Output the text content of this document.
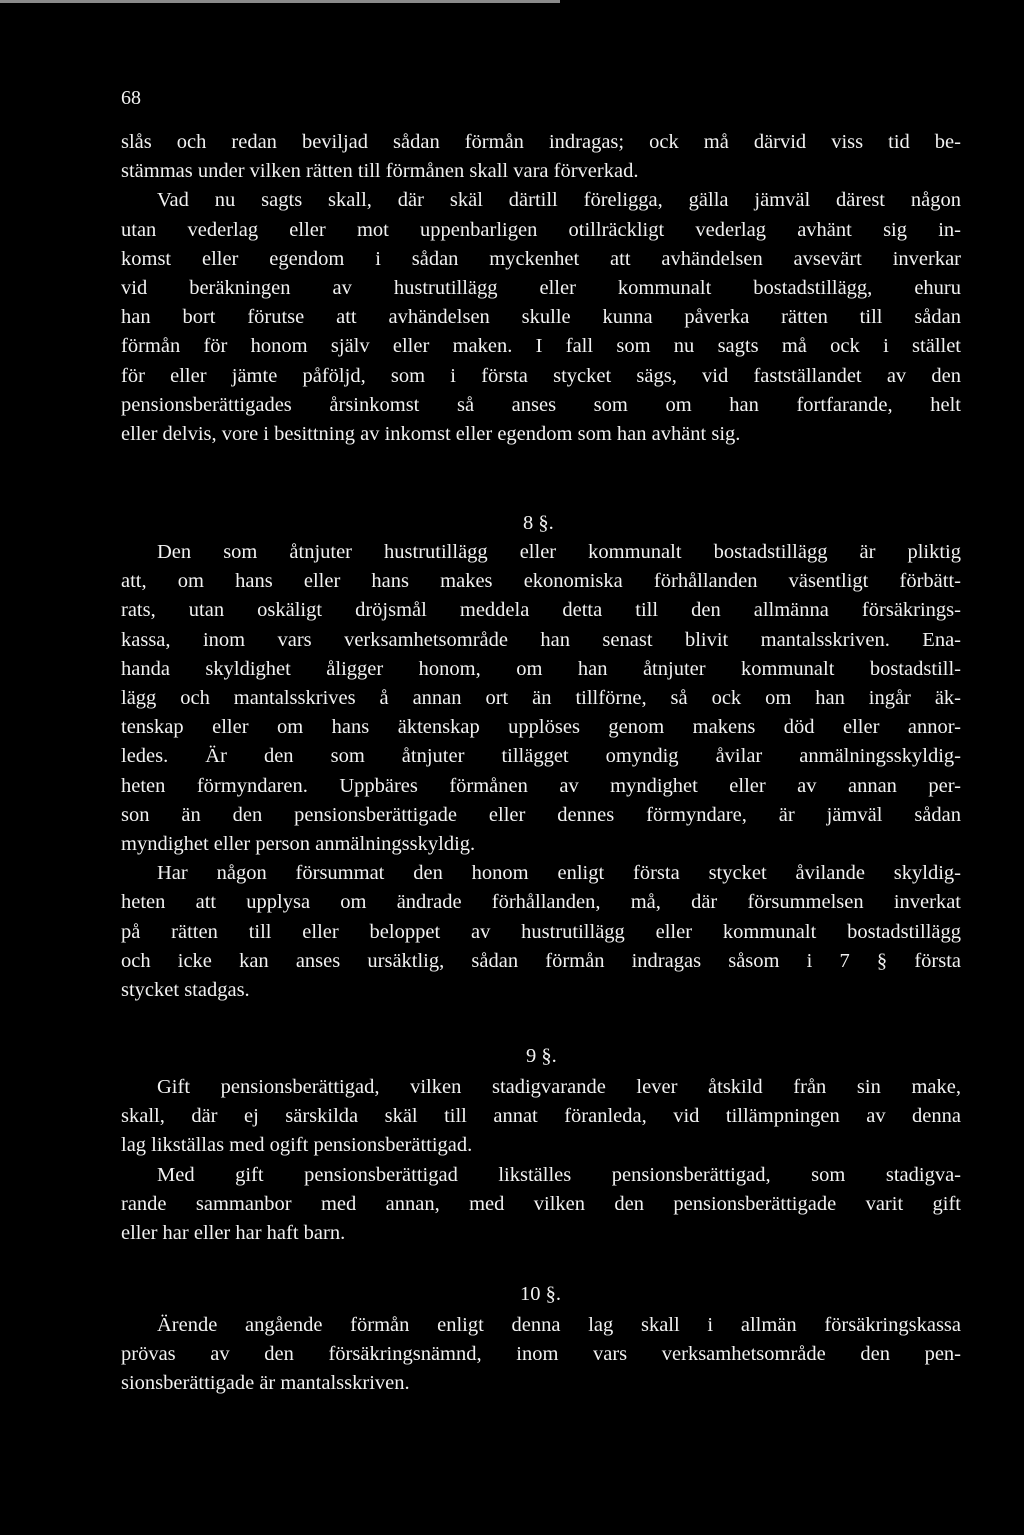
68
slås och redan beviljad sådan förmån indragas; ock må därvid viss tid be-
stämmas under vilken rätten till förmånen skall vara förverkad.
Vad nu sagts skall, där skäl därtill föreligga, gälla jämväl därest någon
utan vederlag eller mot uppenbarligen otillräckligt vederlag avhänt sig in-
komst eller egendom i sådan myckenhet att avhändelsen avsevärt inverkar
vid beräkningen av hustrutillägg eller kommunalt bostadstillägg, ehuru
han bort förutse att avhändelsen skulle kunna påverka rätten till sådan
förmån för honom själv eller maken. I fall som nu sagts må ock i stället
för eller jämte påföljd, som i första stycket sägs, vid fastställandet av den
pensionsberättigades årsinkomst så anses som om han fortfarande, helt
eller delvis, vore i besittning av inkomst eller egendom som han avhänt sig.
8 §.
Den som åtnjuter hustrutillägg eller kommunalt bostadstillägg är pliktig
att, om hans eller hans makes ekonomiska förhållanden väsentligt förbätt-
rats, utan oskäligt dröjsmål meddela detta till den allmänna försäkrings-
kassa, inom vars verksamhetsområde han senast blivit mantalsskriven. Ena-
handa skyldighet åligger honom, om han åtnjuter kommunalt bostadstill-
lägg och mantalsskrives å annan ort än tillförne, så ock om han ingår äk-
tenskap eller om hans äktenskap upplöses genom makens död eller annor-
ledes. Är den som åtnjuter tillägget omyndig åvilar anmälningsskyldig-
heten förmyndaren. Uppbäres förmånen av myndighet eller av annan per-
son än den pensionsberättigade eller dennes förmyndare, är jämväl sådan
myndighet eller person anmälningsskyldig.
Har någon försummat den honom enligt första stycket åvilande skyldig-
heten att upplysa om ändrade förhållanden, må, där försummelsen inverkat
på rätten till eller beloppet av hustrutillägg eller kommunalt bostadstillägg
och icke kan anses ursäktlig, sådan förmån indragas såsom i 7 § första
stycket stadgas.
9 §.
Gift pensionsberättigad, vilken stadigvarande lever åtskild från sin make,
skall, där ej särskilda skäl till annat föranleda, vid tillämpningen av denna
lag likställas med ogift pensionsberättigad.
Med gift pensionsberättigad likställes pensionsberättigad, som stadigva-
rande sammanbor med annan, med vilken den pensionsberättigade varit gift
eller har eller har haft barn.
10 §.
Ärende angående förmån enligt denna lag skall i allmän försäkringskassa
prövas av den försäkringsnämnd, inom vars verksamhetsområde den pen-
sionsberättigade är mantalsskriven.
